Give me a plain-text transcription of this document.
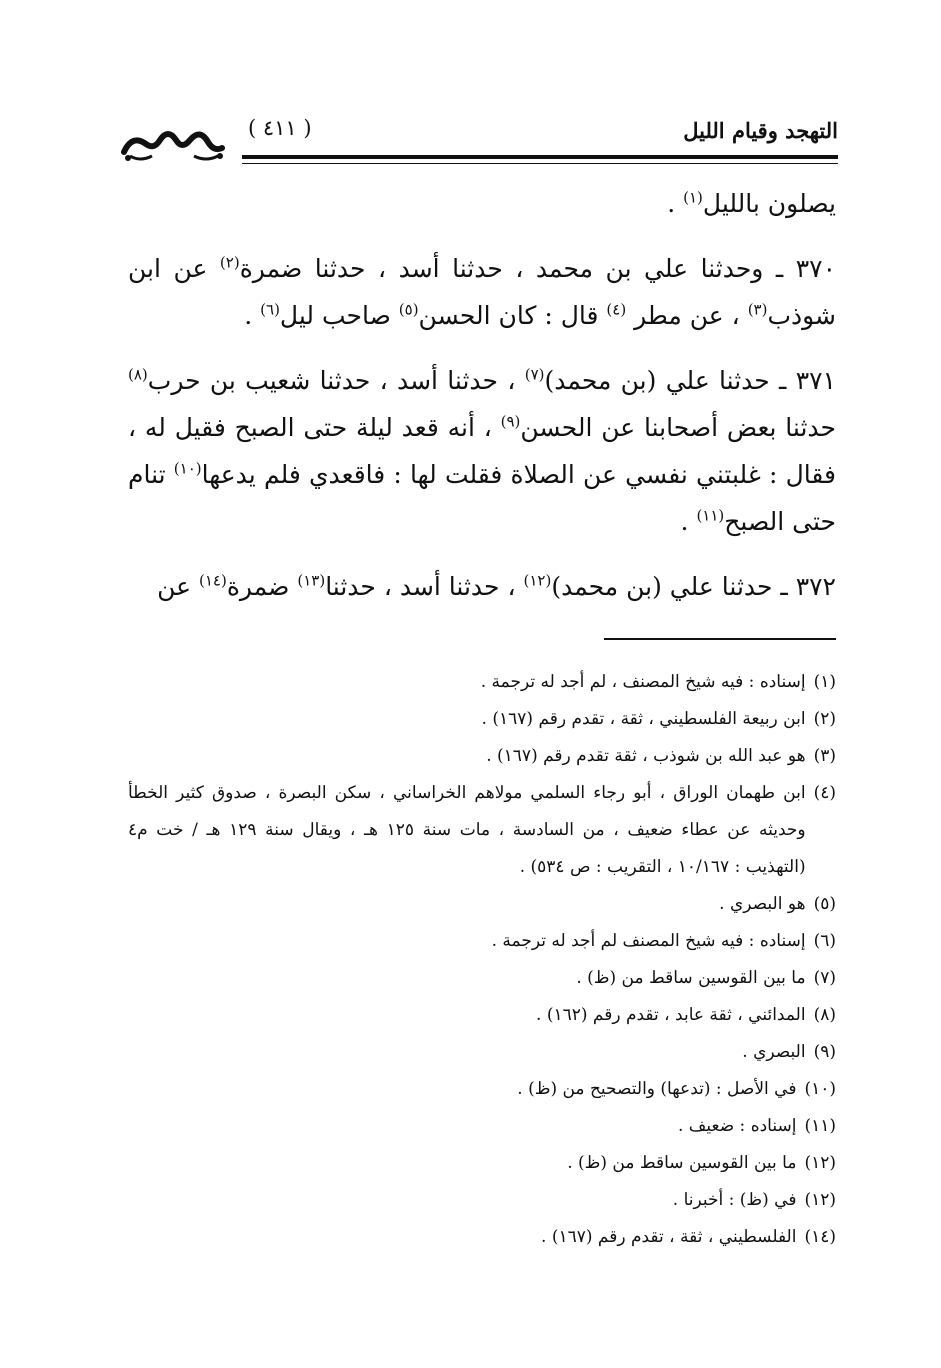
( ٤١١ )	التهجد وقيام الليل

يصلون بالليل$^{(١)}$ .

٣٧٠ ـ وحدثنا علي بن محمد ، حدثنا أسد ، حدثنا ضمرة$^{(٢)}$ عن ابن شوذب$^{(٣)}$ ، عن مطر $^{(٤)}$ قال : كان الحسن$^{(٥)}$ صاحب ليل$^{(٦)}$ .

٣٧١ ـ حدثنا علي (بن محمد)$^{(٧)}$ ، حدثنا أسد ، حدثنا شعيب بن حرب$^{(٨)}$ حدثنا بعض أصحابنا عن الحسن$^{(٩)}$ ، أنه قعد ليلة حتى الصبح فقيل له ، فقال : غلبتني نفسي عن الصلاة فقلت لها : فاقعدي فلم يدعها$^{(١٠)}$ تنام حتى الصبح$^{(١١)}$ .

٣٧٢ ـ حدثنا علي (بن محمد)$^{(١٢)}$ ، حدثنا أسد ، حدثنا$^{(١٣)}$ ضمرة$^{(١٤)}$ عن

(١)
إسناده : فيه شيخ المصنف ، لم أجد له ترجمة .
(٢)
ابن ربيعة الفلسطيني ، ثقة ، تقدم رقم (١٦٧) .
(٣)
هو عبد الله بن شوذب ، ثقة تقدم رقم (١٦٧) .
(٤)
ابن طهمان الوراق ، أبو رجاء السلمي مولاهم الخراساني ، سكن البصرة ، صدوق كثير الخطأ وحديثه عن عطاء ضعيف ، من السادسة ، مات سنة ١٢٥ هـ ، ويقال سنة ١٢٩ هـ / خت م٤ (التهذيب : ١٠/١٦٧ ، التقريب : ص ٥٣٤) .
(٥)
هو البصري .
(٦)
إسناده : فيه شيخ المصنف لم أجد له ترجمة .
(٧)
ما بين القوسين ساقط من (ظ) .
(٨)
المدائني ، ثقة عابد ، تقدم رقم (١٦٢) .
(٩)
البصري .
(١٠)
في الأصل : (تدعها) والتصحيح من (ظ) .
(١١)
إسناده : ضعيف .
(١٢)
ما بين القوسين ساقط من (ظ) .
(١٢)
في (ظ) : أخبرنا .
(١٤)
الفلسطيني ، ثقة ، تقدم رقم (١٦٧) .
